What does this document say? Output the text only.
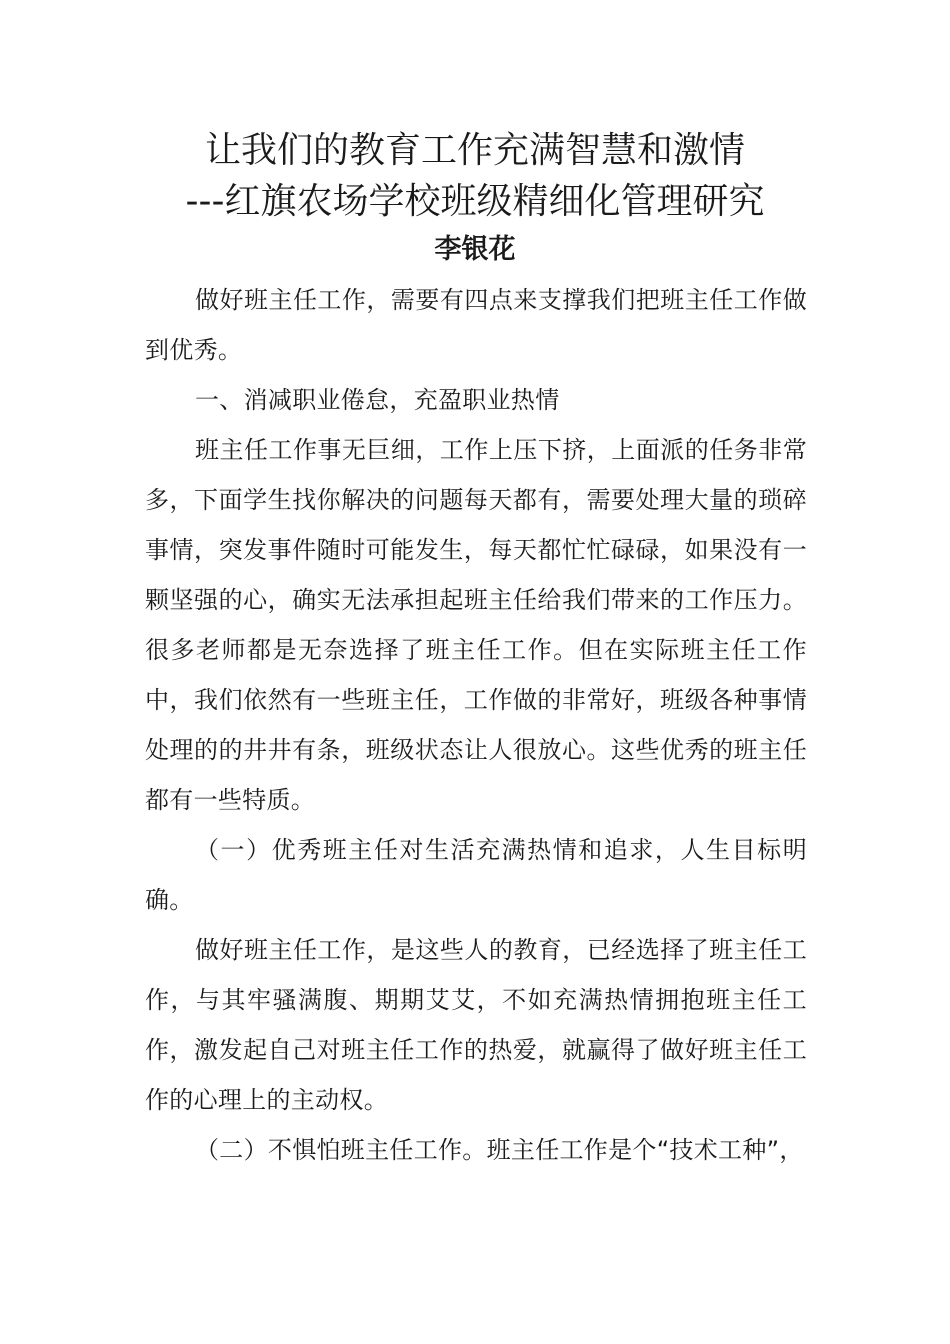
让我们的教育工作充满智慧和激情
---红旗农场学校班级精细化管理研究
李银花

做好班主任工作，需要有四点来支撑我们把班主任工作做到优秀。

一、消减职业倦怠，充盈职业热情

班主任工作事无巨细，工作上压下挤，上面派的任务非常多，下面学生找你解决的问题每天都有，需要处理大量的琐碎事情，突发事件随时可能发生，每天都忙忙碌碌，如果没有一颗坚强的心，确实无法承担起班主任给我们带来的工作压力。很多老师都是无奈选择了班主任工作。但在实际班主任工作中，我们依然有一些班主任，工作做的非常好，班级各种事情处理的的井井有条，班级状态让人很放心。这些优秀的班主任都有一些特质。

（一）优秀班主任对生活充满热情和追求，人生目标明确。

做好班主任工作，是这些人的教育，已经选择了班主任工作，与其牢骚满腹、期期艾艾，不如充满热情拥抱班主任工作，激发起自己对班主任工作的热爱，就赢得了做好班主任工作的心理上的主动权。

（二）不惧怕班主任工作。班主任工作是个“技术工种”，
